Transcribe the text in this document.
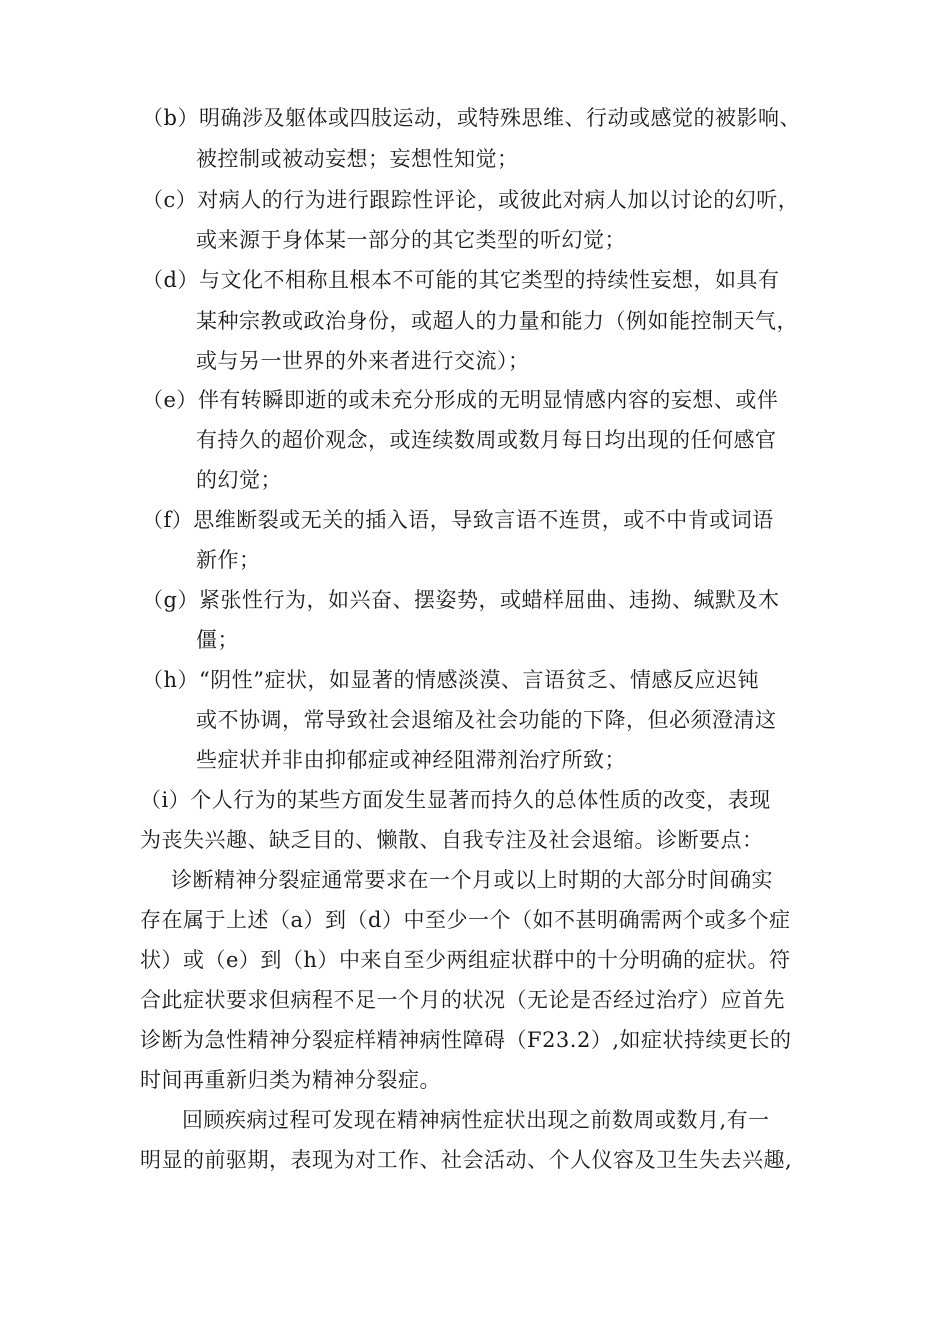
（b）明确涉及躯体或四肢运动，或特殊思维、行动或感觉的被影响、
被控制或被动妄想；妄想性知觉；
（c）对病人的行为进行跟踪性评论，或彼此对病人加以讨论的幻听，
或来源于身体某一部分的其它类型的听幻觉；
（d）与文化不相称且根本不可能的其它类型的持续性妄想，如具有
某种宗教或政治身份，或超人的力量和能力（例如能控制天气，
或与另一世界的外来者进行交流）；
（e）伴有转瞬即逝的或未充分形成的无明显情感内容的妄想、或伴
有持久的超价观念，或连续数周或数月每日均出现的任何感官
的幻觉；
（f）思维断裂或无关的插入语，导致言语不连贯，或不中肯或词语
新作；
（g）紧张性行为，如兴奋、摆姿势，或蜡样屈曲、违拗、缄默及木
僵；
（h）“阴性”症状，如显著的情感淡漠、言语贫乏、情感反应迟钝
或不协调，常导致社会退缩及社会功能的下降，但必须澄清这
些症状并非由抑郁症或神经阻滞剂治疗所致；
（i）个人行为的某些方面发生显著而持久的总体性质的改变，表现
为丧失兴趣、缺乏目的、懒散、自我专注及社会退缩。诊断要点：
诊断精神分裂症通常要求在一个月或以上时期的大部分时间确实
存在属于上述（a）到（d）中至少一个（如不甚明确需两个或多个症
状）或（e）到（h）中来自至少两组症状群中的十分明确的症状。符
合此症状要求但病程不足一个月的状况（无论是否经过治疗）应首先
诊断为急性精神分裂症样精神病性障碍（F23.2）,如症状持续更长的
时间再重新归类为精神分裂症。
回顾疾病过程可发现在精神病性症状出现之前数周或数月,有一
明显的前驱期，表现为对工作、社会活动、个人仪容及卫生失去兴趣,
